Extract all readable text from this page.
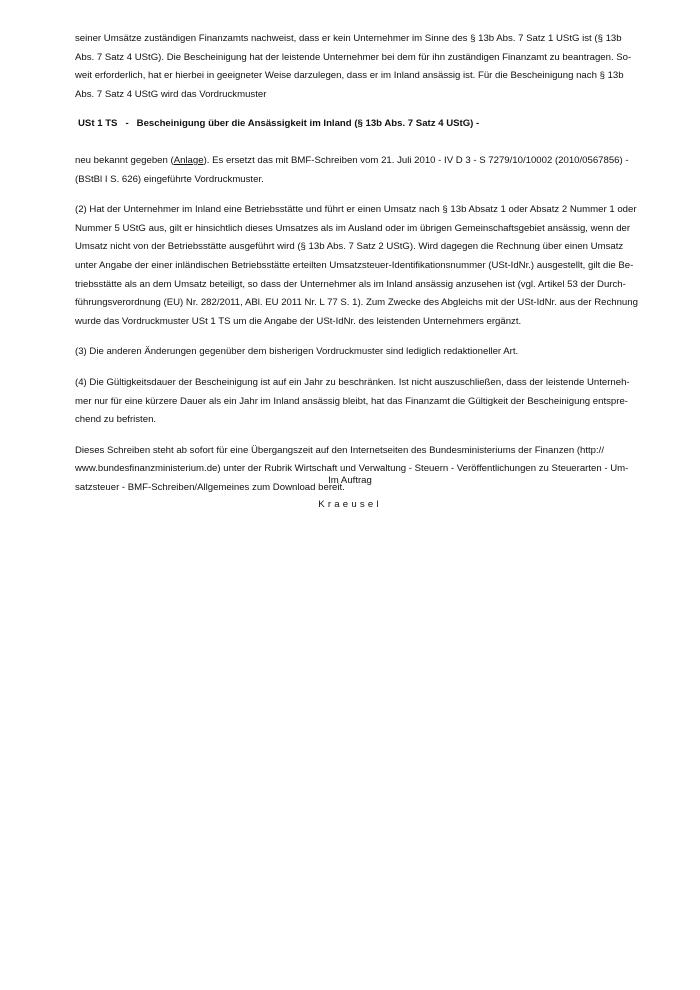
seiner Umsätze zuständigen Finanzamts nachweist, dass er kein Unternehmer im Sinne des § 13b Abs. 7 Satz 1 UStG ist (§ 13b
Abs. 7 Satz 4 UStG). Die Bescheinigung hat der leistende Unternehmer bei dem für ihn zuständigen Finanzamt zu beantragen. So-
weit erforderlich, hat er hierbei in geeigneter Weise darzulegen, dass er im Inland ansässig ist. Für die Bescheinigung nach § 13b
Abs. 7 Satz 4 UStG wird das Vordruckmuster
USt 1 TS   -   Bescheinigung über die Ansässigkeit im Inland (§ 13b Abs. 7 Satz 4 UStG) -
neu bekannt gegeben (Anlage). Es ersetzt das mit BMF-Schreiben vom 21. Juli 2010 - IV D 3 - S 7279/10/10002 (2010/0567856) -
(BStBl I S. 626) eingeführte Vordruckmuster.
(2) Hat der Unternehmer im Inland eine Betriebsstätte und führt er einen Umsatz nach § 13b Absatz 1 oder Absatz 2 Nummer 1 oder
Nummer 5 UStG aus, gilt er hinsichtlich dieses Umsatzes als im Ausland oder im übrigen Gemeinschaftsgebiet ansässig, wenn der
Umsatz nicht von der Betriebsstätte ausgeführt wird (§ 13b Abs. 7 Satz 2 UStG). Wird dagegen die Rechnung über einen Umsatz
unter Angabe der einer inländischen Betriebsstätte erteilten Umsatzsteuer-Identifikationsnummer (USt-IdNr.) ausgestellt, gilt die Be-
triebsstätte als an dem Umsatz beteiligt, so dass der Unternehmer als im Inland ansässig anzusehen ist (vgl. Artikel 53 der Durch-
führungsverordnung (EU) Nr. 282/2011, ABl. EU 2011 Nr. L 77 S. 1). Zum Zwecke des Abgleichs mit der USt-IdNr. aus der Rechnung
wurde das Vordruckmuster USt 1 TS um die Angabe der USt-IdNr. des leistenden Unternehmers ergänzt.
(3) Die anderen Änderungen gegenüber dem bisherigen Vordruckmuster sind lediglich redaktioneller Art.
(4) Die Gültigkeitsdauer der Bescheinigung ist auf ein Jahr zu beschränken. Ist nicht auszuschließen, dass der leistende Unterneh-
mer nur für eine kürzere Dauer als ein Jahr im Inland ansässig bleibt, hat das Finanzamt die Gültigkeit der Bescheinigung entspre-
chend zu befristen.
Dieses Schreiben steht ab sofort für eine Übergangszeit auf den Internetseiten des Bundesministeriums der Finanzen (http://
www.bundesfinanzministerium.de) unter der Rubrik Wirtschaft und Verwaltung - Steuern - Veröffentlichungen zu Steuerarten - Um-
satzsteuer - BMF-Schreiben/Allgemeines zum Download bereit.
Im Auftrag
Kraeusel
